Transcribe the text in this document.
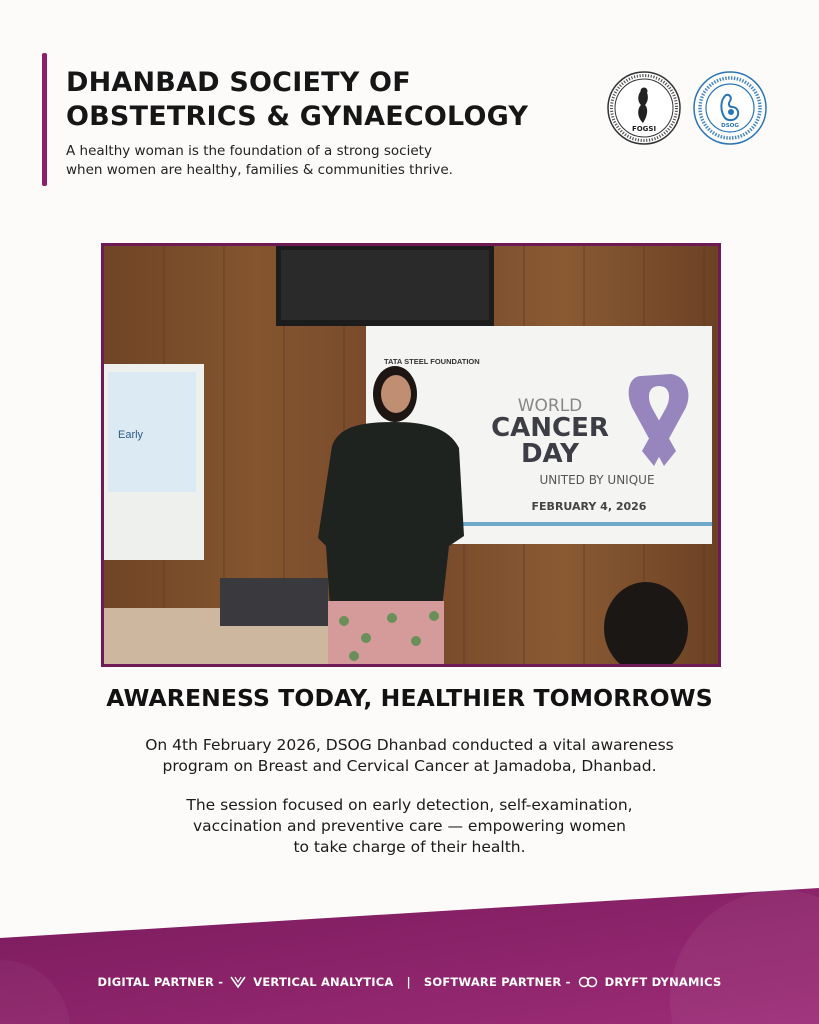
DHANBAD SOCIETY OF
OBSTETRICS & GYNAECOLOGY

A healthy woman is the foundation of a strong society
when women are healthy, families & communities thrive.

FOGSI	DSOG
Early
TATA STEEL FOUNDATION
WORLD
CANCER
DAY
UNITED BY UNIQUE
FEBRUARY 4, 2026
AWARENESS TODAY, HEALTHIER TOMORROWS

On 4th February 2026, DSOG Dhanbad conducted a vital awareness
program on Breast and Cervical Cancer at Jamadoba, Dhanbad.

The session focused on early detection, self-examination,
vaccination and preventive care — empowering women
to take charge of their health.

DIGITAL PARTNER -	VERTICAL ANALYTICA | SOFTWARE PARTNER -	DRYFT DYNAMICS
